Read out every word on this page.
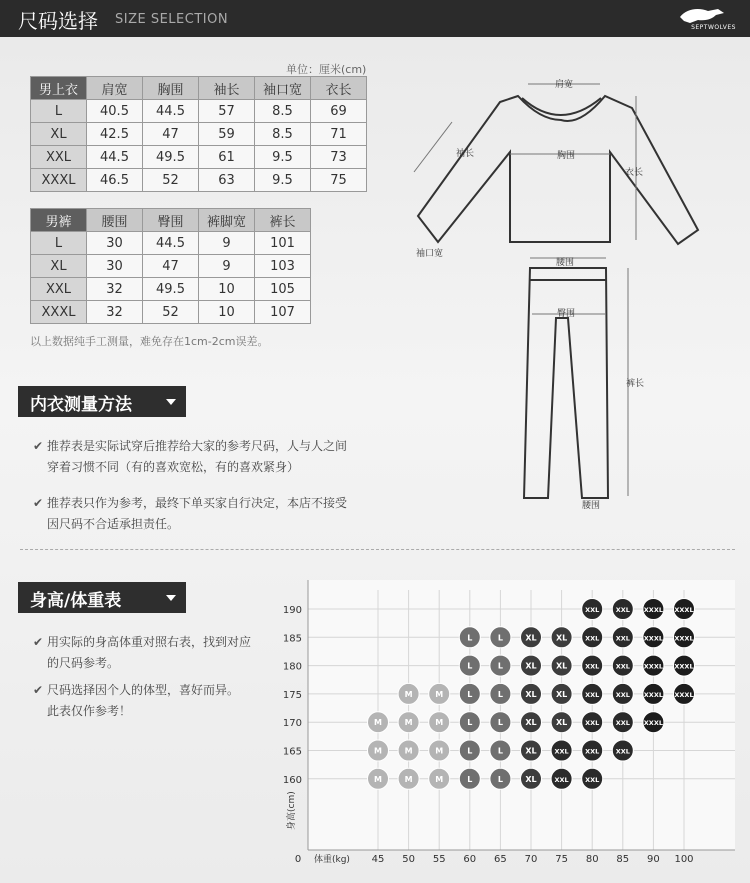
尺码选择 SIZE SELECTION
SEPTWOLVES
单位：厘米(cm)
男上衣	肩宽	胸围	袖长	袖口宽	衣长
L	40.5	44.5	57	8.5	69
XL	42.5	47	59	8.5	71
XXL	44.5	49.5	61	9.5	73
XXXL	46.5	52	63	9.5	75
男裤	腰围	臀围	裤脚宽	裤长
L	30	44.5	9	101
XL	30	47	9	103
XXL	32	49.5	10	105
XXXL	32	52	10	107
以上数据纯手工测量，难免存在1cm-2cm误差。
肩宽
袖长	胸围
衣长
袖口宽
腰围
臀围
裤长
腰围
内衣测量方法
✔ 推荐表是实际试穿后推荐给大家的参考尺码，人与人之间
穿着习惯不同（有的喜欢宽松，有的喜欢紧身）
✔ 推荐表只作为参考，最终下单买家自行决定，本店不接受
因尺码不合适承担责任。
身高/体重表
✔ 用实际的身高体重对照右表，找到对应
的尺码参考。
✔ 尺码选择因个人的体型，喜好而异。
此表仅作参考！
190
185
180
175
170
165
160
45 50 55 60 65 70 75 80 85 90 100
0 体重(kg)
身高(cm)
XXL	XXL XXXL XXXL
L	L	XL XL	XXL	XXL XXXL XXXL
L	L	XL XL	XXL	XXL XXXL XXXL
M	M	L	L	XL XL	XXL	XXL XXXL XXXL
M	M	M	L	L	XL XL	XXL	XXL XXXL
M	M	M	L	L	XL	XXL	XXL	XXL
M	M	M	L	L	XL	XXL	XXL
